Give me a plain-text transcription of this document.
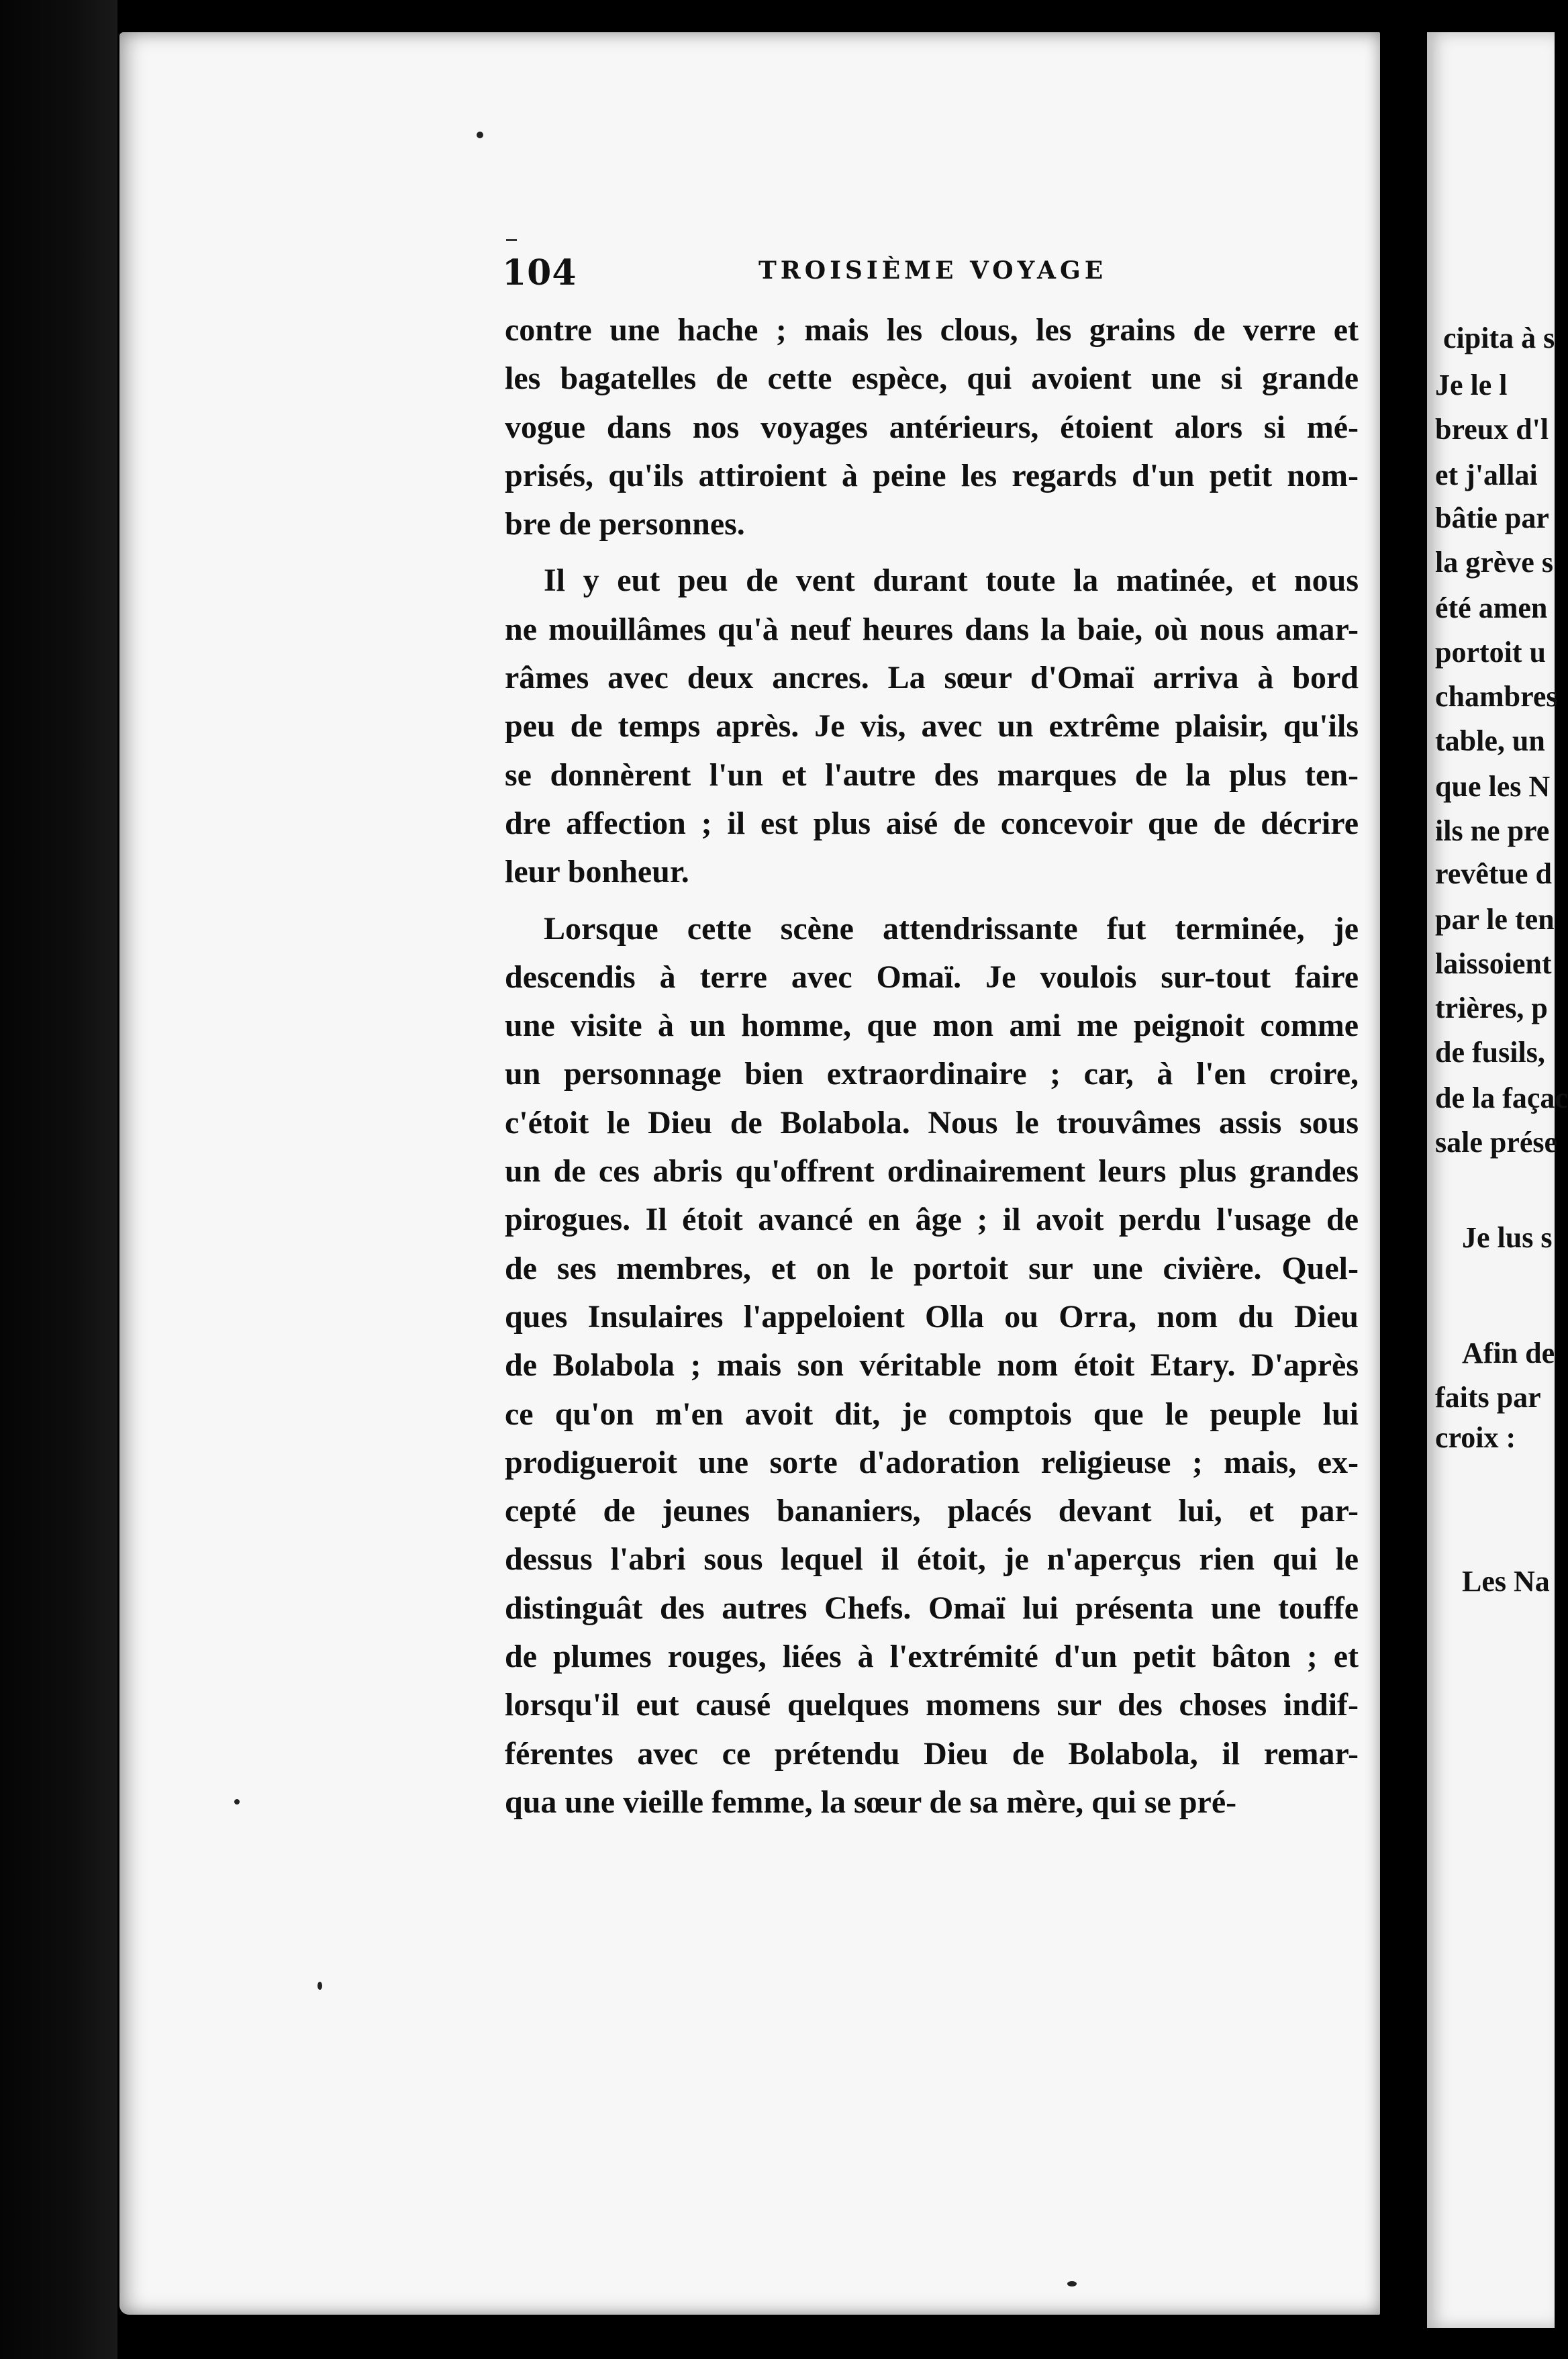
104	TROISIÈME VOYAGE
contre une hache ; mais les clous, les grains de verre et
les bagatelles de cette espèce, qui avoient une si grande
vogue dans nos voyages antérieurs, étoient alors si mé-
prisés, qu'ils attiroient à peine les regards d'un petit nom-
bre de personnes.
Il y eut peu de vent durant toute la matinée, et nous
ne mouillâmes qu'à neuf heures dans la baie, où nous amar-
râmes avec deux ancres. La sœur d'Omaï arriva à bord
peu de temps après. Je vis, avec un extrême plaisir, qu'ils
se donnèrent l'un et l'autre des marques de la plus ten-
dre affection ; il est plus aisé de concevoir que de décrire
leur bonheur.
Lorsque cette scène attendrissante fut terminée, je
descendis à terre avec Omaï. Je voulois sur-tout faire
une visite à un homme, que mon ami me peignoit comme
un personnage bien extraordinaire ; car, à l'en croire,
c'étoit le Dieu de Bolabola. Nous le trouvâmes assis sous
un de ces abris qu'offrent ordinairement leurs plus grandes
pirogues. Il étoit avancé en âge ; il avoit perdu l'usage de
de ses membres, et on le portoit sur une civière. Quel-
ques Insulaires l'appeloient Olla ou Orra, nom du Dieu
de Bolabola ; mais son véritable nom étoit Etary. D'après
ce qu'on m'en avoit dit, je comptois que le peuple lui
prodigueroit une sorte d'adoration religieuse ; mais, ex-
cepté de jeunes bananiers, placés devant lui, et par-
dessus l'abri sous lequel il étoit, je n'aperçus rien qui le
distinguât des autres Chefs. Omaï lui présenta une touffe
de plumes rouges, liées à l'extrémité d'un petit bâton ; et
lorsqu'il eut causé quelques momens sur des choses indif-
férentes avec ce prétendu Dieu de Bolabola, il remar-
qua une vieille femme, la sœur de sa mère, qui se pré-
cipita à s
Je le l
breux d'l
et j'allai
bâtie par
la grève s
été amen
portoit u
chambres
table, un
que les N
ils ne pre
revêtue d
par le ten
laissoient
trières, p
de fusils,
de la façac
sale prése
Je lus s
Afin de
faits par
croix :
Les Na
